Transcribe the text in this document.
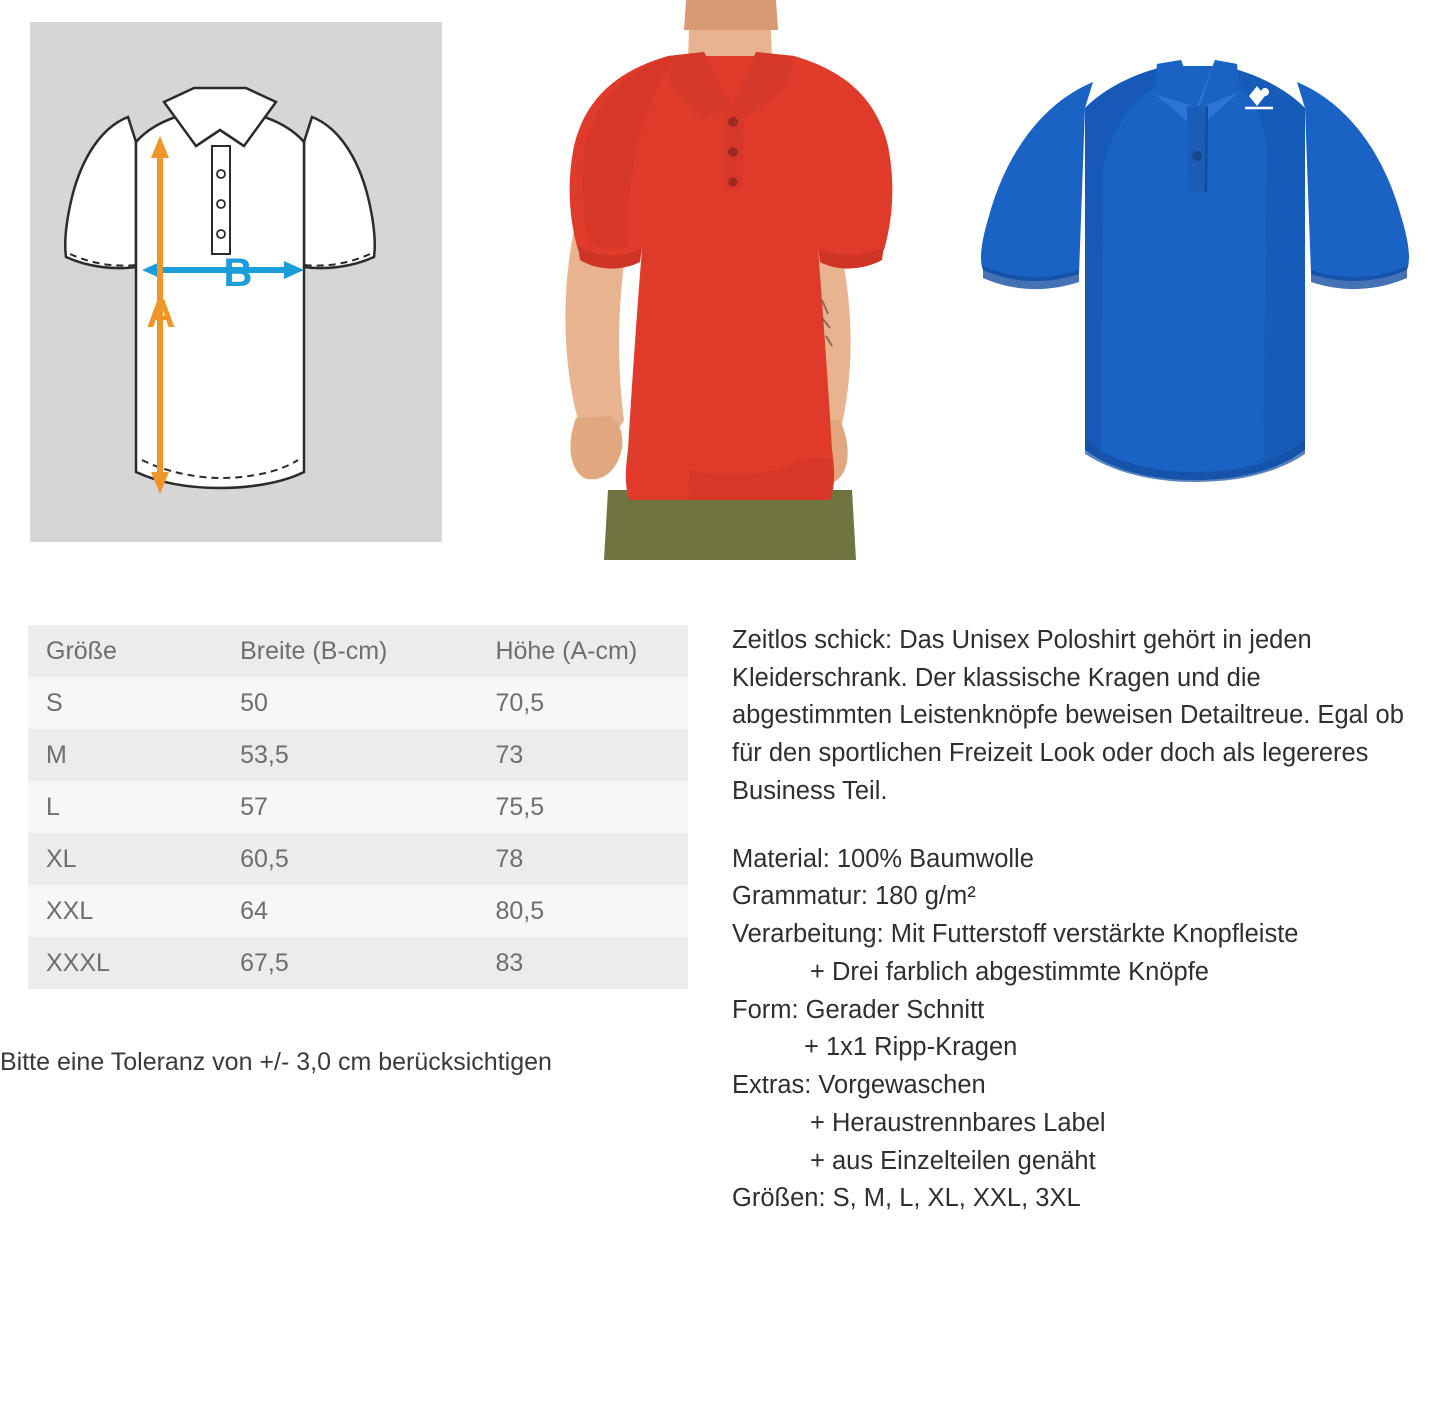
B
A
Größe	Breite (B-cm)	Höhe (A-cm)
S	50	70,5
M	53,5	73
L	57	75,5
XL	60,5	78
XXL	64	80,5
XXXL	67,5	83
Bitte eine Toleranz von +/- 3,0 cm berücksichtigen

Zeitlos schick: Das Unisex Poloshirt gehört in jeden Kleiderschrank. Der klassische Kragen und die abgestimmten Leistenknöpfe beweisen Detailtreue. Egal ob für den sportlichen Freizeit Look oder doch als legereres Business Teil.

Material: 100% Baumwolle

Grammatur: 180 g/m²

Verarbeitung: Mit Futterstoff verstärkte Knopfleiste

+ Drei farblich abgestimmte Knöpfe

Form: Gerader Schnitt

+ 1x1 Ripp-Kragen

Extras: Vorgewaschen

+ Heraustrennbares Label

+ aus Einzelteilen genäht

Größen: S, M, L, XL, XXL, 3XL
